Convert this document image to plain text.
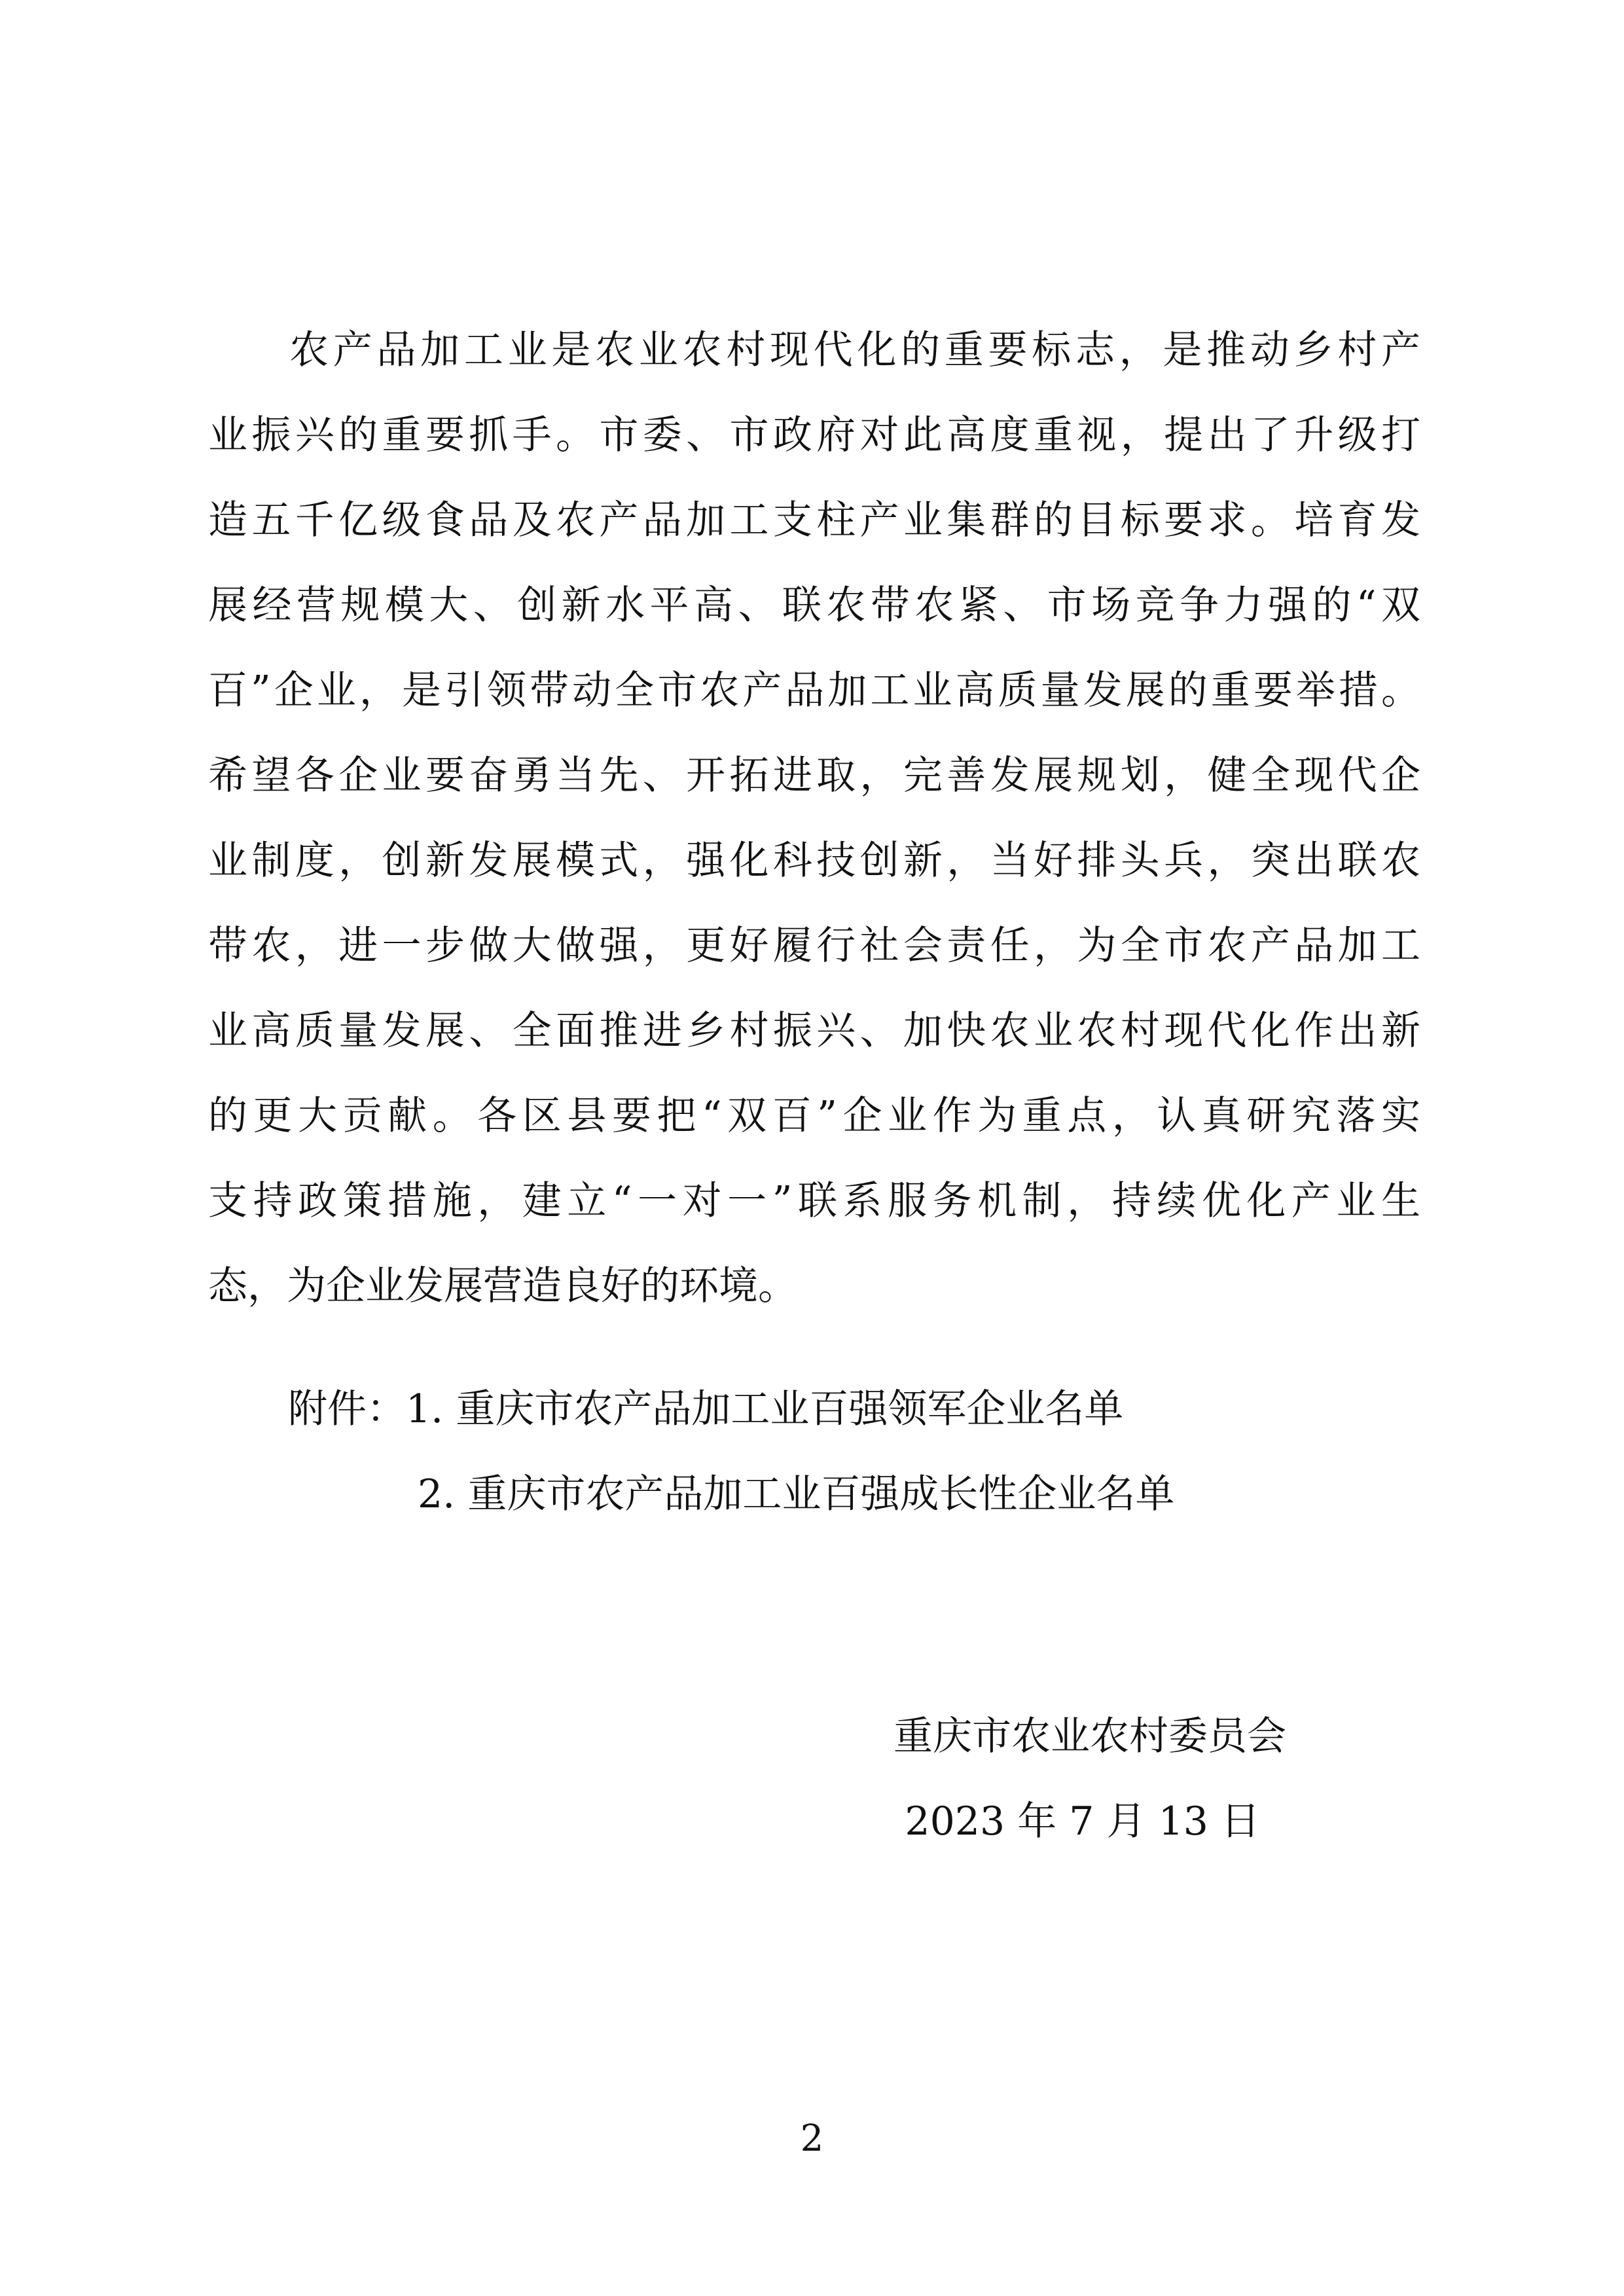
农产品加工业是农业农村现代化的重要标志，是推动乡村产
业振兴的重要抓手。市委、市政府对此高度重视，提出了升级打
造五千亿级食品及农产品加工支柱产业集群的目标要求。培育发
展经营规模大、创新水平高、联农带农紧、市场竞争力强的“双
百”企业，是引领带动全市农产品加工业高质量发展的重要举措。
希望各企业要奋勇当先、开拓进取，完善发展规划，健全现代企
业制度，创新发展模式，强化科技创新，当好排头兵，突出联农
带农，进一步做大做强，更好履行社会责任，为全市农产品加工
业高质量发展、全面推进乡村振兴、加快农业农村现代化作出新
的更大贡献。各区县要把“双百”企业作为重点，认真研究落实
支持政策措施，建立“一对一”联系服务机制，持续优化产业生
态，为企业发展营造良好的环境。
附件：1. 重庆市农产品加工业百强领军企业名单
2. 重庆市农产品加工业百强成长性企业名单
重庆市农业农村委员会
2023 年 7 月 13 日
2
